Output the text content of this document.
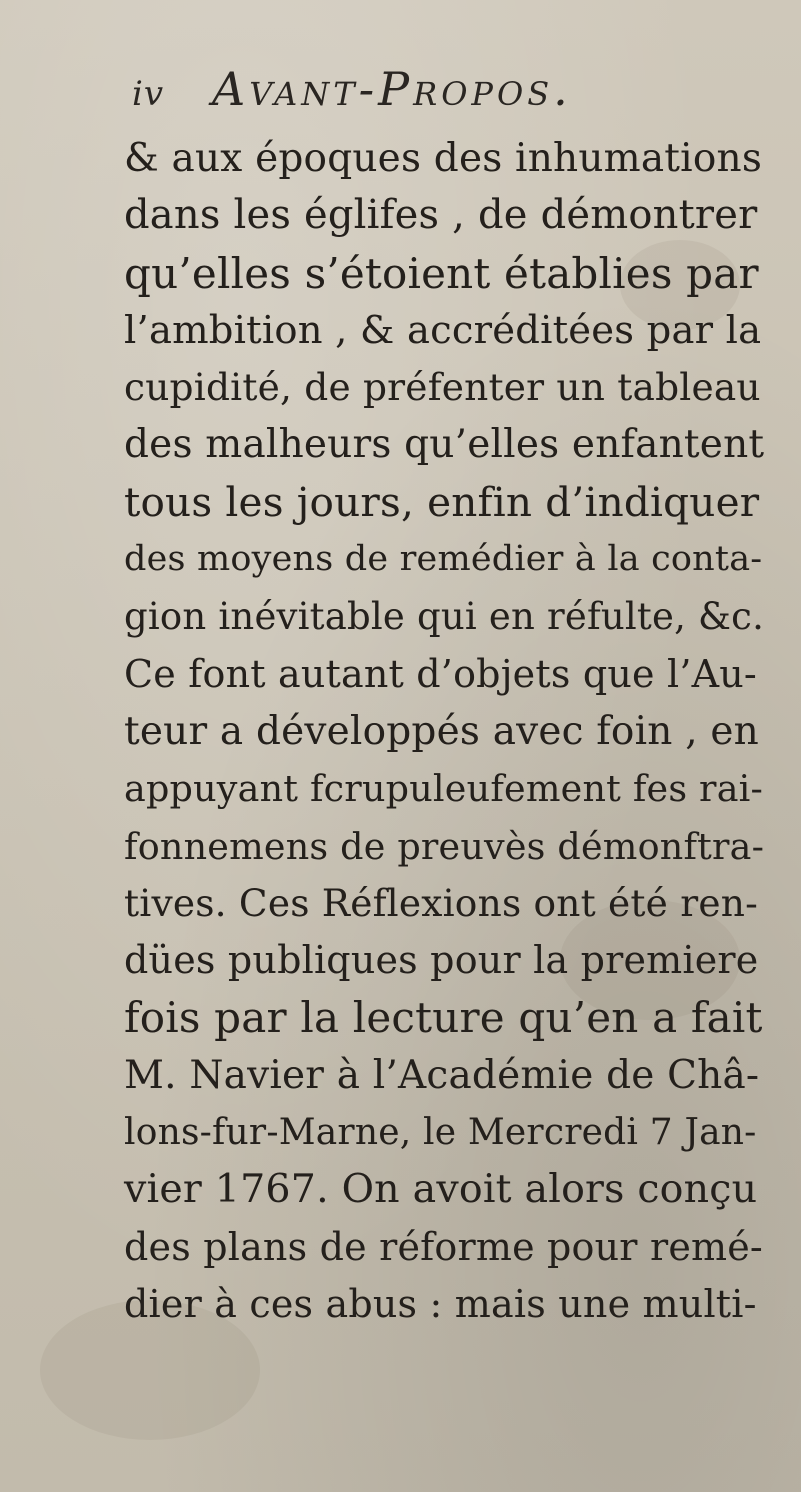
iv Avant-Propos.
& aux époques des inhumations
dans les églifes , de démontrer
qu’elles s’étoient établies par
l’ambition , & accréditées par la
cupidité, de préfenter un tableau
des malheurs qu’elles enfantent
tous les jours, enfin d’indiquer
des moyens de remédier à la conta-
gion inévitable qui en réfulte, &c.
Ce font autant d’objets que l’Au-
teur a développés avec foin , en
appuyant fcrupuleufement fes rai-
fonnemens de preuvès démonftra-
tives. Ces Réflexions ont été ren-
dües publiques pour la premiere
fois par la lecture qu’en a fait
M. Navier à l’Académie de Châ-
lons-fur-Marne, le Mercredi 7 Jan-
vier 1767. On avoit alors conçu
des plans de réforme pour remé-
dier à ces abus : mais une multi-
